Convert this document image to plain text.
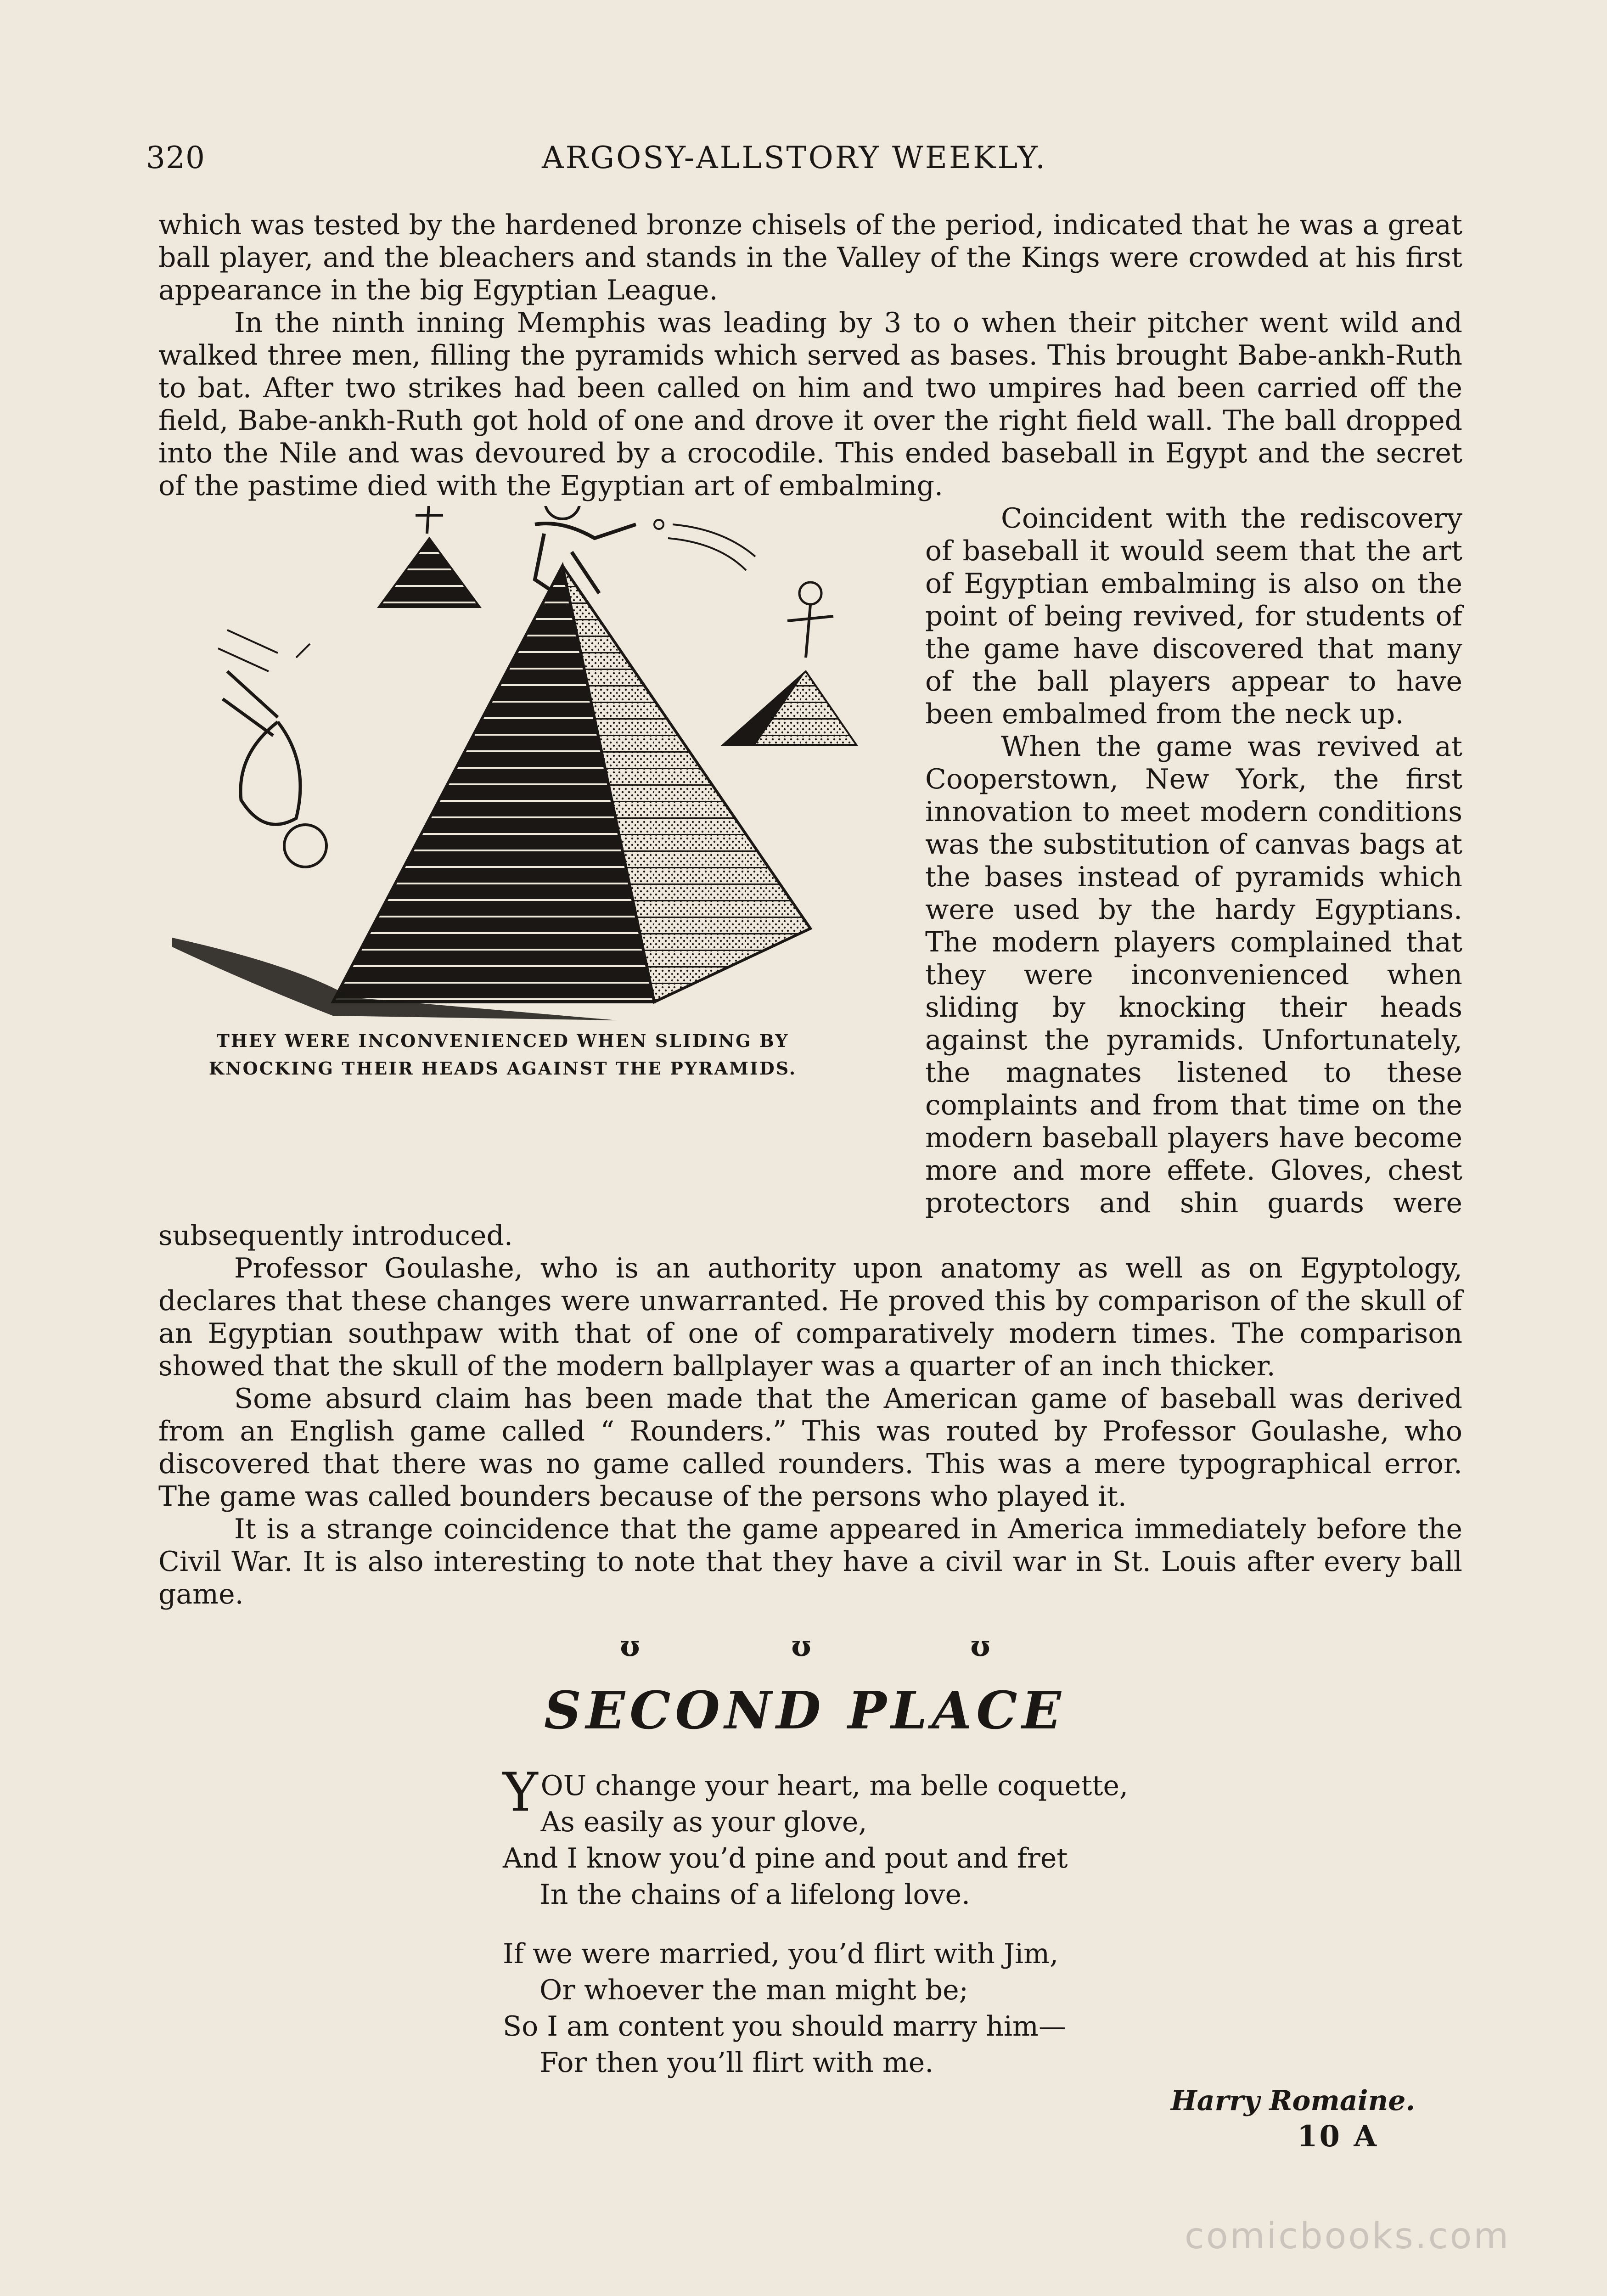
320	ARGOSY-ALLSTORY WEEKLY.

which was tested by the hardened bronze chisels of the period, indicated that he was a great ball player, and the bleachers and stands in the Valley of the Kings were crowded at his first appearance in the big Egyptian League.

In the ninth inning Memphis was leading by 3 to o when their pitcher went wild and walked three men, filling the pyramids which served as bases. This brought Babe-ankh-Ruth to bat. After two strikes had been called on him and two umpires had been carried off the field, Babe-ankh-Ruth got hold of one and drove it over the right field wall. The ball dropped into the Nile and was devoured by a crocodile. This ended baseball in Egypt and the secret of the pastime died with the Egyptian art of embalming.

THEY WERE INCONVENIENCED WHEN SLIDING BY KNOCKING THEIR HEADS AGAINST THE PYRAMIDS.

Coincident with the rediscovery of baseball it would seem that the art of Egyptian embalming is also on the point of being revived, for students of the game have discovered that many of the ball players appear to have been embalmed from the neck up.

When the game was revived at Cooperstown, New York, the first innovation to meet modern conditions was the substitution of canvas bags at the bases instead of pyramids which were used by the hardy Egyptians. The modern players complained that they were inconvenienced when sliding by knocking their heads against the pyramids. Unfortunately, the magnates listened to these complaints and from that time on the modern baseball players have become more and more effete. Gloves, chest protectors and shin guards were subsequently introduced.

Professor Goulashe, who is an authority upon anatomy as well as on Egyptology, declares that these changes were unwarranted. He proved this by comparison of the skull of an Egyptian southpaw with that of one of comparatively modern times. The comparison showed that the skull of the modern ballplayer was a quarter of an inch thicker.

Some absurd claim has been made that the American game of baseball was derived from an English game called “ Rounders.” This was routed by Professor Goulashe, who discovered that there was no game called rounders. This was a mere typographical error. The game was called bounders because of the persons who played it.

It is a strange coincidence that the game appeared in America immediately before the Civil War. It is also interesting to note that they have a civil war in St. Louis after every ball game.

ʊ	ʊ	ʊ
SECOND PLACE
YOU change your heart, ma belle coquette,
As easily as your glove,
And I know you’d pine and pout and fret
In the chains of a lifelong love.
If we were married, you’d flirt with Jim,
Or whoever the man might be;
So I am content you should marry him—
For then you’ll flirt with me.
Harry Romaine.
10 A
comicbooks.com
